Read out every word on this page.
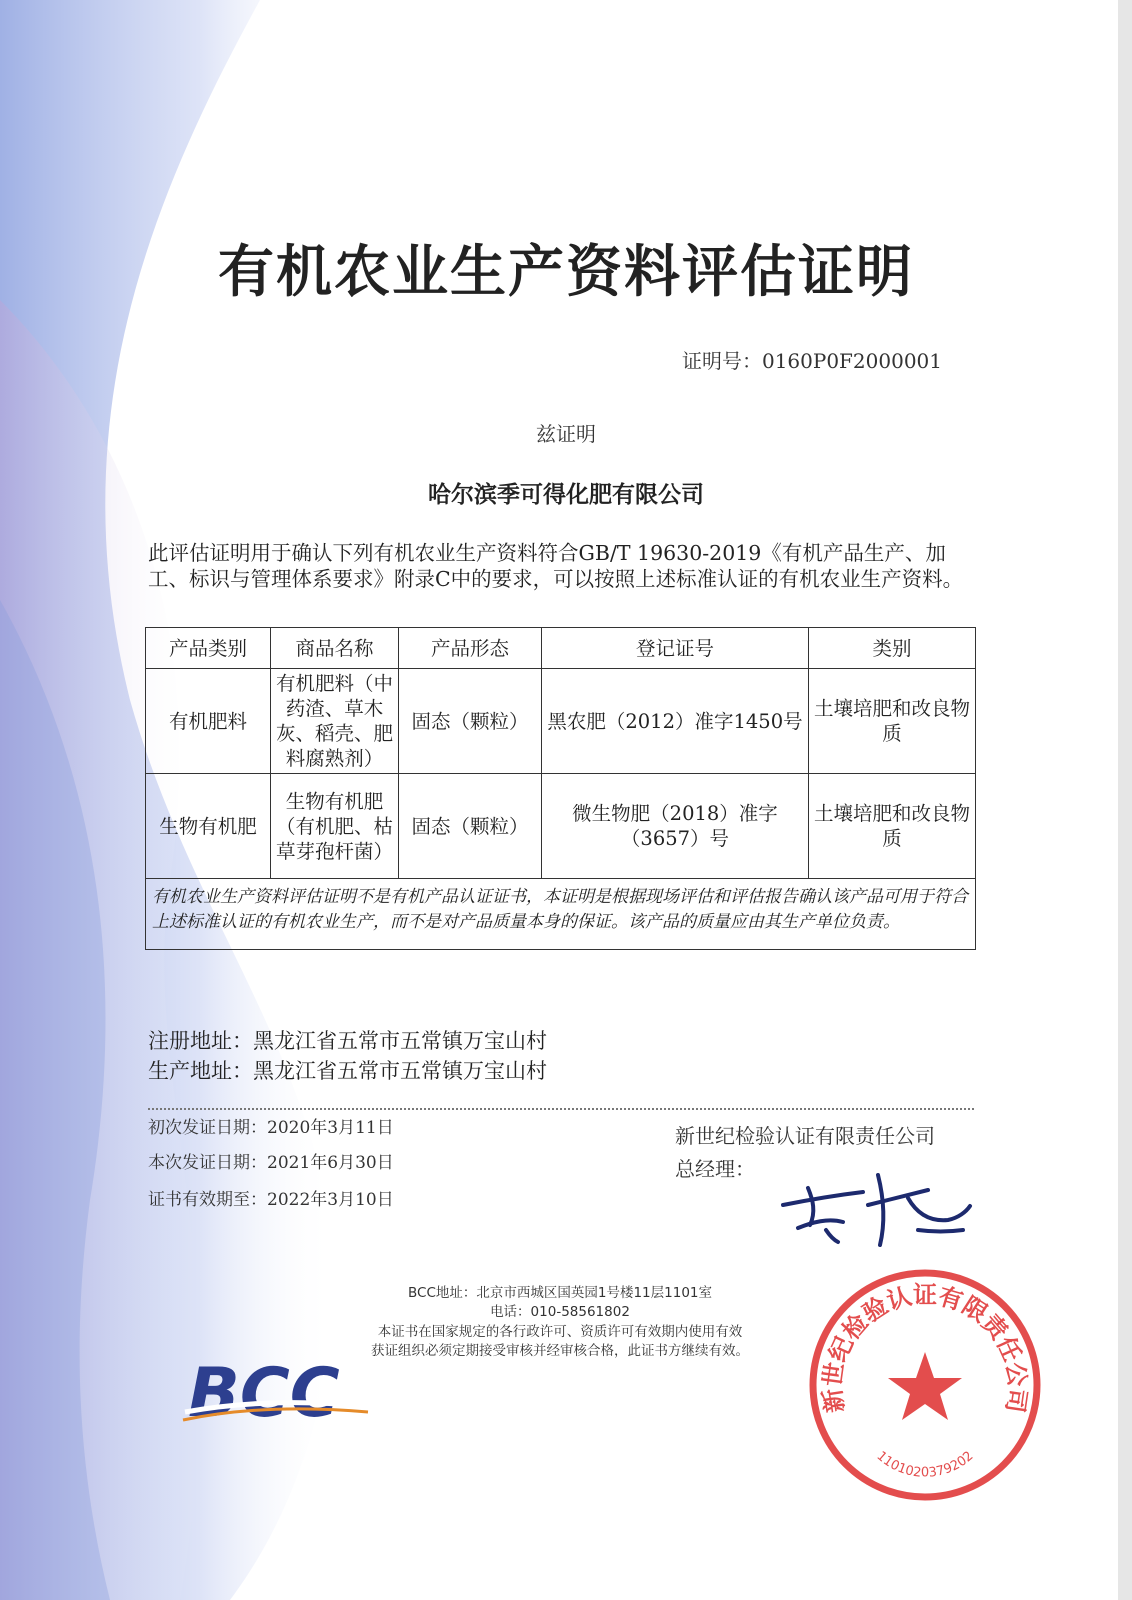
有机农业生产资料评估证明
证明号：0160P0F2000001
兹证明
哈尔滨季可得化肥有限公司
此评估证明用于确认下列有机农业生产资料符合GB/T 19630-2019《有机产品生产、加工、标识与管理体系要求》附录C中的要求，可以按照上述标准认证的有机农业生产资料。
产品类别	商品名称	产品形态	登记证号	类别

有机肥料	有机肥料（中药渣、草木灰、稻壳、肥料腐熟剂）	固态（颗粒）	黑农肥（2012）准字1450号	土壤培肥和改良物质

生物有机肥	生物有机肥（有机肥、枯草芽孢杆菌）	固态（颗粒）	微生物肥（2018）准字（3657）号	土壤培肥和改良物质

有机农业生产资料评估证明不是有机产品认证证书，本证明是根据现场评估和评估报告确认该产品可用于符合上述标准认证的有机农业生产，而不是对产品质量本身的保证。该产品的质量应由其生产单位负责。				
注册地址：黑龙江省五常市五常镇万宝山村
生产地址：黑龙江省五常市五常镇万宝山村
初次发证日期：2020年3月11日
本次发证日期：2021年6月30日
证书有效期至：2022年3月10日
新世纪检验认证有限责任公司
总经理：
BCC地址：北京市西城区国英园1号楼11层1101室
电话：010-58561802
本证书在国家规定的各行政许可、资质许可有效期内使用有效
获证组织必须定期接受审核并经审核合格，此证书方继续有效。
BCC	新世纪检验认证有限责任公司
1101020379202
